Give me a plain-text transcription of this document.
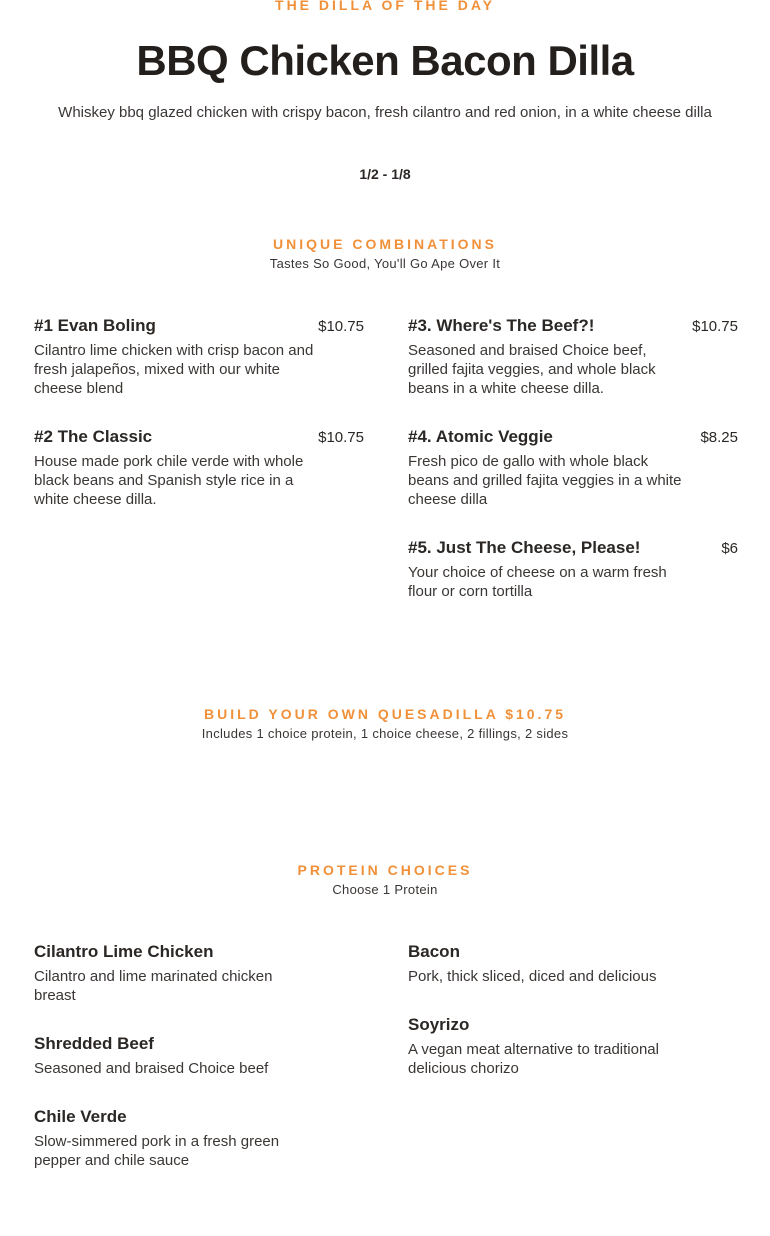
THE DILLA OF THE DAY
BBQ Chicken Bacon Dilla
Whiskey bbq glazed chicken with crispy bacon, fresh cilantro and red onion, in a white cheese dilla
1/2 - 1/8
UNIQUE COMBINATIONS
Tastes So Good, You'll Go Ape Over It
#1 Evan Boling	$10.75
Cilantro lime chicken with crisp bacon and fresh jalapeños, mixed with our white cheese blend
#2 The Classic	$10.75
House made pork chile verde with whole black beans and Spanish style rice in a white cheese dilla.
#3. Where's The Beef?!	$10.75
Seasoned and braised Choice beef, grilled fajita veggies, and whole black beans in a white cheese dilla.
#4. Atomic Veggie	$8.25
Fresh pico de gallo with whole black beans and grilled fajita veggies in a white cheese dilla
#5. Just The Cheese, Please!	$6
Your choice of cheese on a warm fresh flour or corn tortilla
BUILD YOUR OWN QUESADILLA $10.75
Includes 1 choice protein, 1 choice cheese, 2 fillings, 2 sides
PROTEIN CHOICES
Choose 1 Protein
Cilantro Lime Chicken
Cilantro and lime marinated chicken breast
Shredded Beef
Seasoned and braised Choice beef
Chile Verde
Slow-simmered pork in a fresh green pepper and chile sauce
Bacon
Pork, thick sliced, diced and delicious
Soyrizo
A vegan meat alternative to traditional delicious chorizo
